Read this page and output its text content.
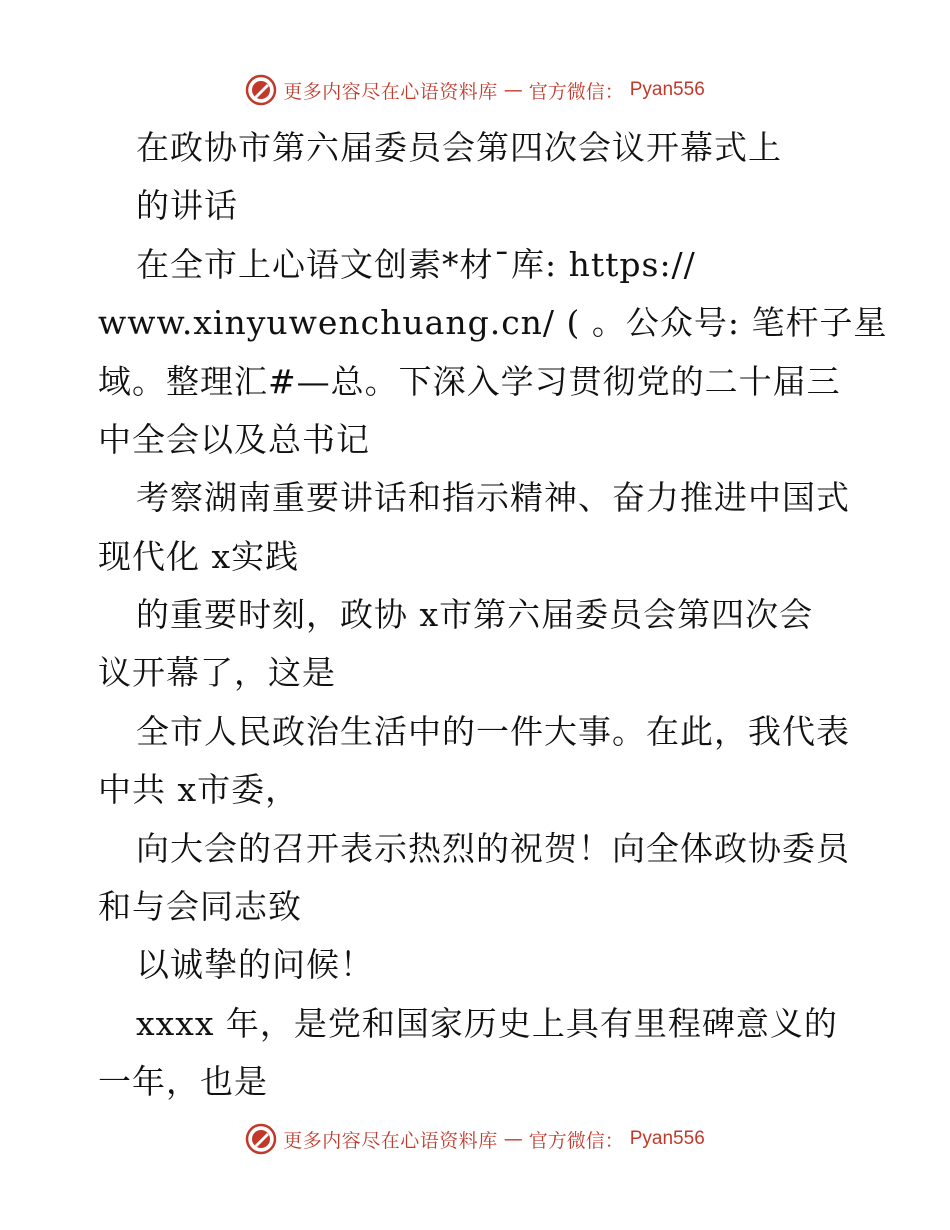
更多内容尽在心语资料库 — 官方微信： Pyan556
在政协市第六届委员会第四次会议开幕式上
的讲话
在全市上心语文创素*材¯库: https://
www.xinyuwenchuang.cn/ ( 。公众号: 笔杆子星
域。整理汇#—总。下深入学习贯彻党的二十届三
中全会以及总书记
考察湖南重要讲话和指示精神、奋力推进中国式
现代化 x实践
的重要时刻，政协 x市第六届委员会第四次会
议开幕了，这是
全市人民政治生活中的一件大事。在此，我代表
中共 x市委，
向大会的召开表示热烈的祝贺！向全体政协委员
和与会同志致
以诚挚的问候！
xxxx 年，是党和国家历史上具有里程碑意义的
一年，也是
更多内容尽在心语资料库 — 官方微信： Pyan556
